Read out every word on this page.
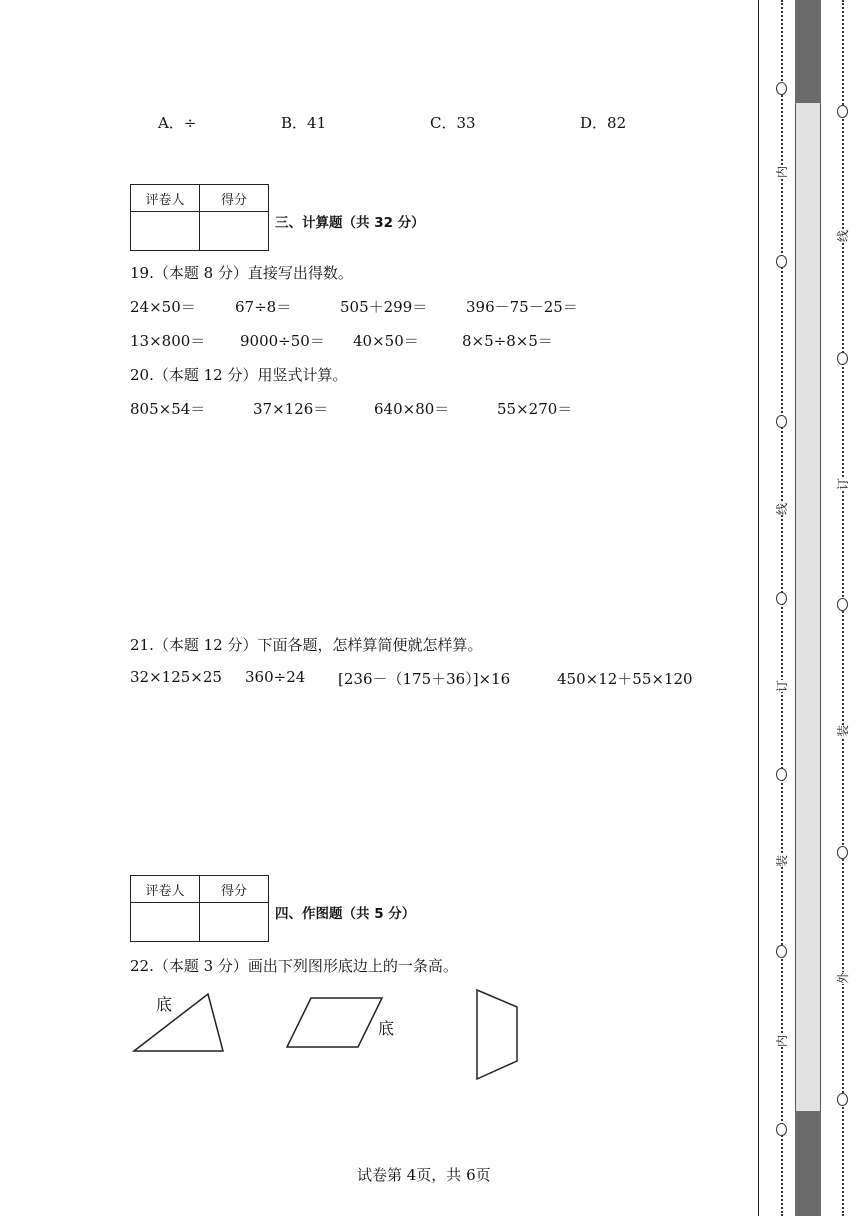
A．÷	B．41	C．33	D．82
评卷人	得分

三、计算题（共 32 分）
19.（本题 8 分）直接写出得数。
24×50＝	67÷8＝	505＋299＝	396－75－25＝
13×800＝ 9000÷50＝ 40×50＝	8×5÷8×5＝
20.（本题 12 分）用竖式计算。
805×54＝	37×126＝	640×80＝	55×270＝
21.（本题 12 分）下面各题，怎样算简便就怎样算。
32×125×25 360÷24 [236－（175＋36）]×16	450×12＋55×120
评卷人	得分

四、作图题（共 5 分）
22.（本题 3 分）画出下列图形底边上的一条高。
底
底
试卷第 4页，共 6页
内
线
订
装
内
线
订
装
外
